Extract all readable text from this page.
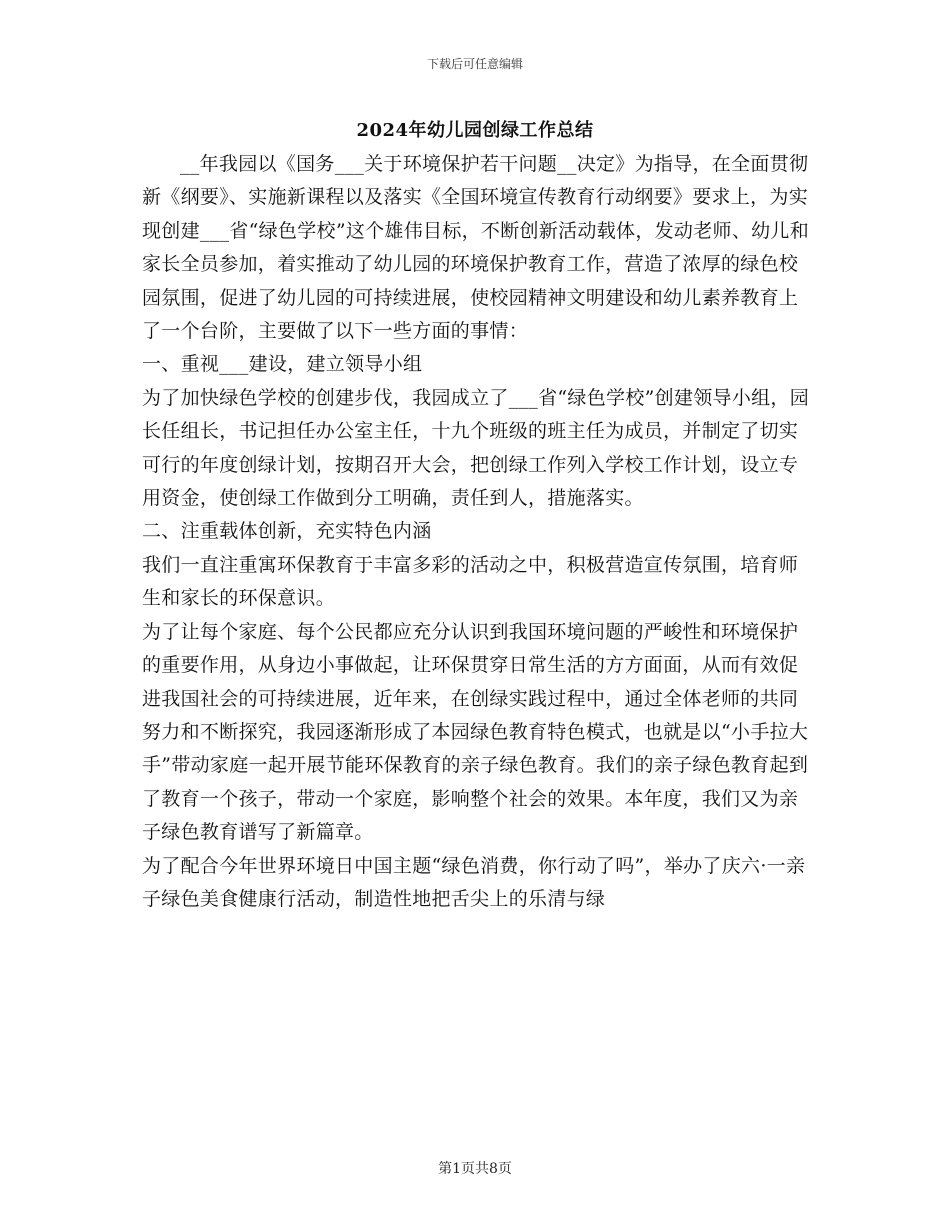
下载后可任意编辑
2024年幼儿园创绿工作总结

__年我园以《国务___关于环境保护若干问题__决定》为指导，在全面贯彻新《纲要》、实施新课程以及落实《全国环境宣传教育行动纲要》要求上，为实现创建___省“绿色学校”这个雄伟目标，不断创新活动载体，发动老师、幼儿和家长全员参加，着实推动了幼儿园的环境保护教育工作，营造了浓厚的绿色校园氛围，促进了幼儿园的可持续进展，使校园精神文明建设和幼儿素养教育上了一个台阶，主要做了以下一些方面的事情：

一、重视___建设，建立领导小组

为了加快绿色学校的创建步伐，我园成立了___省“绿色学校”创建领导小组，园长任组长，书记担任办公室主任，十九个班级的班主任为成员，并制定了切实可行的年度创绿计划，按期召开大会，把创绿工作列入学校工作计划，设立专用资金，使创绿工作做到分工明确，责任到人，措施落实。

二、注重载体创新，充实特色内涵

我们一直注重寓环保教育于丰富多彩的活动之中，积极营造宣传氛围，培育师生和家长的环保意识。

为了让每个家庭、每个公民都应充分认识到我国环境问题的严峻性和环境保护的重要作用，从身边小事做起，让环保贯穿日常生活的方方面面，从而有效促进我国社会的可持续进展，近年来，在创绿实践过程中，通过全体老师的共同努力和不断探究，我园逐渐形成了本园绿色教育特色模式，也就是以“小手拉大手”带动家庭一起开展节能环保教育的亲子绿色教育。我们的亲子绿色教育起到了教育一个孩子，带动一个家庭，影响整个社会的效果。本年度，我们又为亲子绿色教育谱写了新篇章。

为了配合今年世界环境日中国主题“绿色消费，你行动了吗”，举办了庆六·一亲子绿色美食健康行活动，制造性地把舌尖上的乐清与绿

第1页共8页
